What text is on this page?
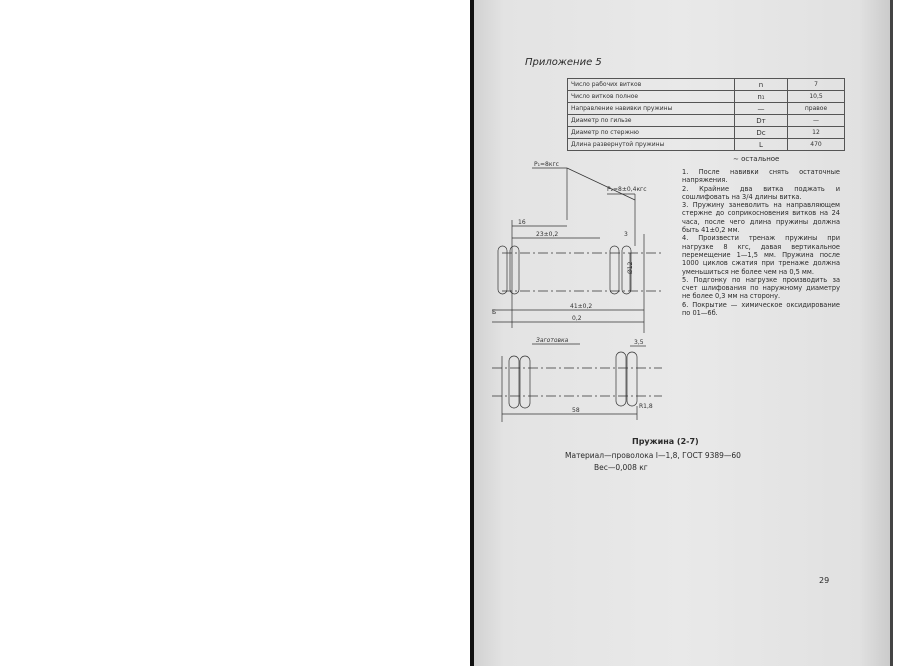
Приложение 5
Число рабочих витков	n	7
Число витков полное	n₁	10,5
Направление навивки пружины	—	правое
Диаметр по гильзе	Dт	—
Диаметр по стержню	Dс	12
Длина развернутой пружины	L	470
∼ остальное
P₁=8кгс
P₂=8±0,4кгс
16
23±0,2	3
Б
41±0,2
0,2
Ø12
Заготовка	3,5
R1,8
58
1. После навивки снять остаточные напряжения.
2. Крайние два витка поджать и сошлифовать на 3/4 длины витка.
3. Пружину заневолить на направляющем стержне до соприкосновения витков на 24 часа, после чего длина пружины должна быть 41±0,2 мм.
4. Произвести тренаж пружины при нагрузке 8 кгс, давая вертикальное перемещение 1—1,5 мм. Пружина после 1000 циклов сжатия при тренаже должна уменьшиться не более чем на 0,5 мм.
5. Подгонку по нагрузке производить за счет шлифования по наружному диаметру не более 0,3 мм на сторону.
6. Покрытие — химическое оксидирование по 01—6б.
Пружина (2-7)
Материал—проволока I—1,8, ГОСТ 9389—60
Вес—0,008 кг
29
